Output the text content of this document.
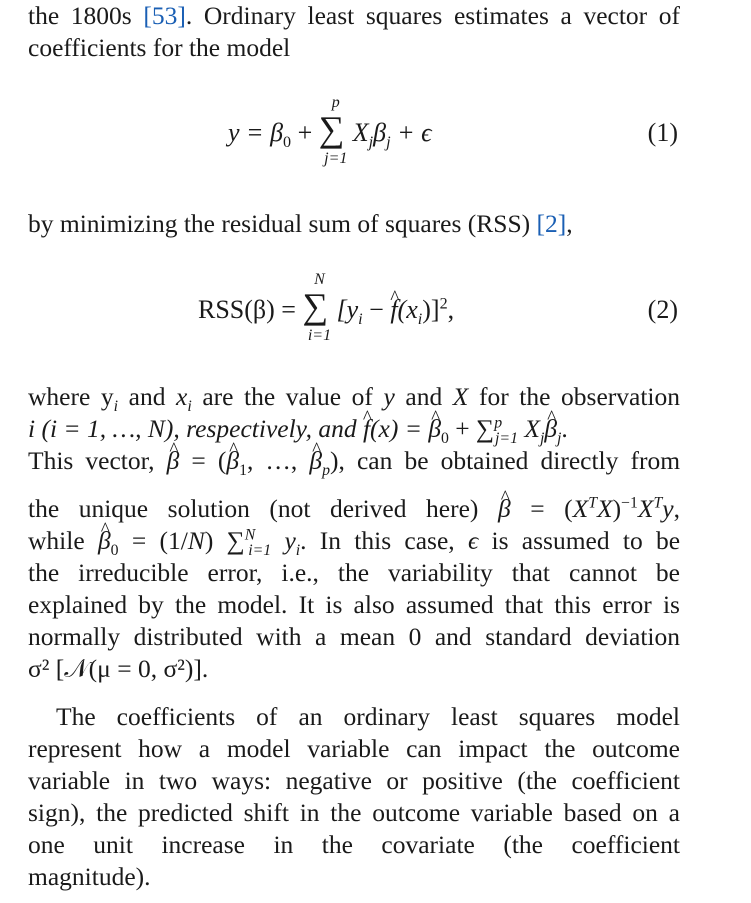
the 1800s [53]. Ordinary least squares estimates a vector of
coefficients for the model
$y = \beta_0$ + ∑
p
j=1
$X_j\beta_j + \epsilon$	(1)
by minimizing the residual sum of squares (RSS) [2],
RSS(β) = ∑
N
i=1
[$y_i$ − ^ $f(x_i)]^2$,	(2)
where $y_i$ and $x_i$ are the value of y and X for the observation
i (i = 1, …, N), respectively, and ^ f(x) = ^ $\beta_0 + \sum^p_{j=1}$ $X_j\^{}$ $\beta_j$.
This vector, ^ β = (^ $\beta_1$, …, ^ $\beta_p$), can be obtained directly from
the unique solution (not derived here) ^ $\beta = (X^TX)^{-1}X^Ty$,
while ^ $\beta_0 = (1/N)$ ∑$^N_{i=1}$ $y_i$. In this case, ϵ is assumed to be
the irreducible error, i.e., the variability that cannot be
explained by the model. It is also assumed that this error is
normally distributed with a mean 0 and standard deviation
σ² [𝒩(μ = 0, σ²)].
The coefficients of an ordinary least squares model
represent how a model variable can impact the outcome
variable in two ways: negative or positive (the coefficient
sign), the predicted shift in the outcome variable based on a
one unit increase in the covariate (the coefficient
magnitude).
